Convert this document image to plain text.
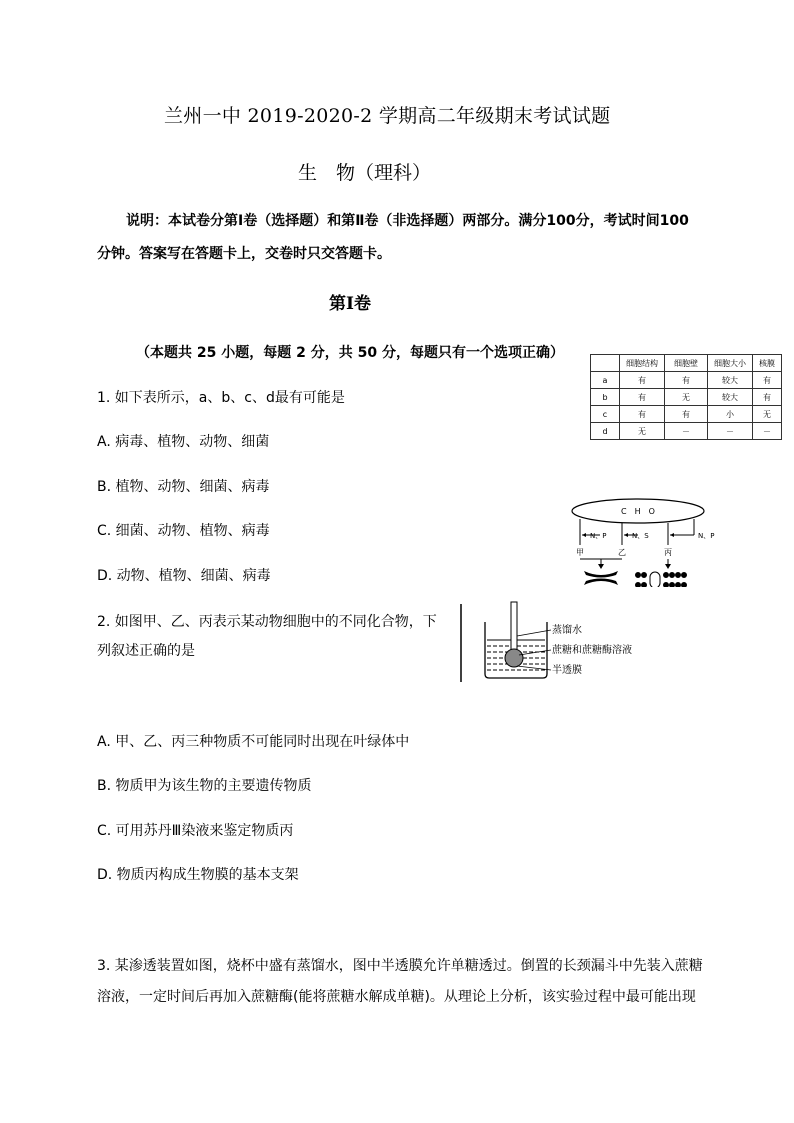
兰州一中 2019-2020-2 学期高二年级期末考试试题
生　物（理科）
说明：本试卷分第Ⅰ卷（选择题）和第Ⅱ卷（非选择题）两部分。满分100分，考试时间100
分钟。答案写在答题卡上，交卷时只交答题卡。
第Ⅰ卷
（本题共 25 小题，每题 2 分，共 50 分，每题只有一个选项正确）
	细胞结构	细胞壁	细胞大小	核膜
a	有	有	较大	有
b	有	无	较大	有
c	有	有	小	无
d	无	－	－	－
1. 如下表所示，a、b、c、d最有可能是
A. 病毒、植物、动物、细菌
B. 植物、动物、细菌、病毒
C. 细菌、动物、植物、病毒
D. 动物、植物、细菌、病毒
C　H　O
N、P	N、S	N、P
甲	乙	丙
2. 如图甲、乙、丙表示某动物细胞中的不同化合物，下
列叙述正确的是
蒸馏水
蔗糖和蔗糖酶溶液
半透膜
A. 甲、乙、丙三种物质不可能同时出现在叶绿体中
B. 物质甲为该生物的主要遗传物质
C. 可用苏丹Ⅲ染液来鉴定物质丙
D. 物质丙构成生物膜的基本支架
3. 某渗透装置如图，烧杯中盛有蒸馏水，图中半透膜允许单糖透过。倒置的长颈漏斗中先装入蔗糖
溶液，一定时间后再加入蔗糖酶(能将蔗糖水解成单糖)。从理论上分析，该实验过程中最可能出现
